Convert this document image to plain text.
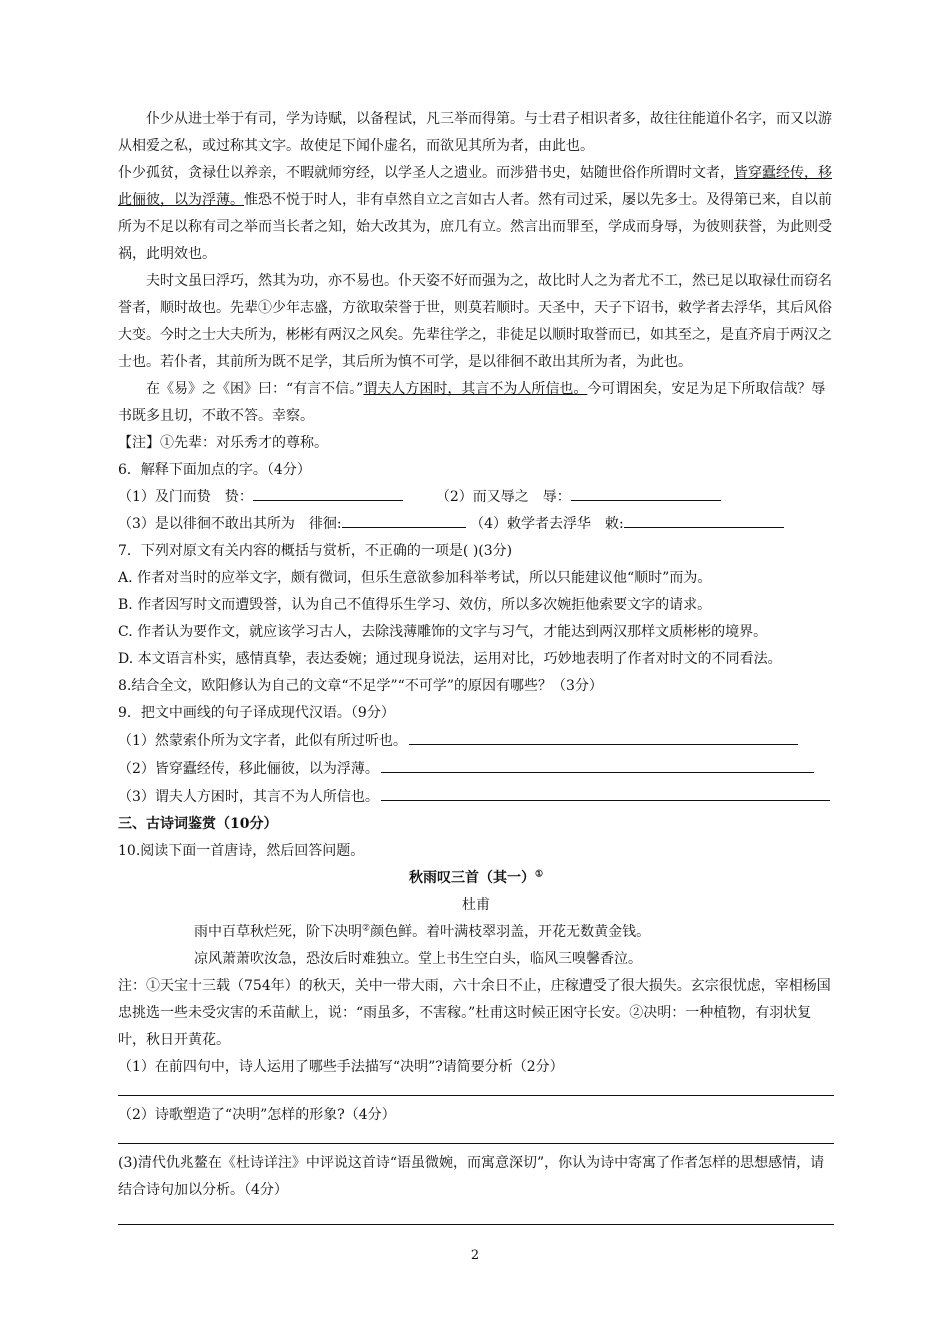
仆少从进士举于有司，学为诗赋，以备程试，凡三举而得第。与士君子相识者多，故往往能道仆名字，而又以游从相爱之私，或过称其文字。故使足下闻仆虚名，而欲见其所为者，由此也。

仆少孤贫，贪禄仕以养亲，不暇就师穷经，以学圣人之遗业。而涉猎书史，姑随世俗作所谓时文者，皆穿蠹经传，移此俪彼，以为浮薄。惟恐不悦于时人，非有卓然自立之言如古人者。然有司过采，屡以先多士。及得第已来，自以前所为不足以称有司之举而当长者之知，始大改其为，庶几有立。然言出而罪至，学成而身辱，为彼则获誉，为此则受祸，此明效也。

夫时文虽曰浮巧，然其为功，亦不易也。仆天姿不好而强为之，故比时人之为者尤不工，然已足以取禄仕而窃名誉者，顺时故也。先辈①少年志盛，方欲取荣誉于世，则莫若顺时。天圣中，天子下诏书，敕学者去浮华，其后风俗大变。今时之士大夫所为，彬彬有两汉之风矣。先辈往学之，非徒足以顺时取誉而已，如其至之，是直齐肩于两汉之士也。若仆者，其前所为既不足学，其后所为慎不可学，是以徘徊不敢出其所为者，为此也。

在《易》之《困》曰：“有言不信。”谓夫人方困时，其言不为人所信也。今可谓困矣，安足为足下所取信哉？辱书既多且切，不敢不答。幸察。

【注】①先辈：对乐秀才的尊称。

6．解释下面加点的字。（4分）

（1）及门而贽　贽：	（2）而又辱之　辱：

（3）是以徘徊不敢出其所为　徘徊:	（4）敕学者去浮华　敕:

7．下列对原文有关内容的概括与赏析，不正确的一项是( )(3分)

A. 作者对当时的应举文字，颇有微词，但乐生意欲参加科举考试，所以只能建议他“顺时”而为。

B. 作者因写时文而遭毁誉，认为自己不值得乐生学习、效仿，所以多次婉拒他索要文字的请求。

C. 作者认为要作文，就应该学习古人，去除浅薄雕饰的文字与习气，才能达到两汉那样文质彬彬的境界。

D. 本文语言朴实，感情真挚，表达委婉；通过现身说法，运用对比，巧妙地表明了作者对时文的不同看法。

8.结合全文，欧阳修认为自己的文章“不足学”“不可学”的原因有哪些？（3分）

9．把文中画线的句子译成现代汉语。（9分）

（1）然蒙索仆所为文字者，此似有所过听也。
（2）皆穿蠹经传，移此俪彼，以为浮薄。
（3）谓夫人方困时，其言不为人所信也。

三、古诗词鉴赏（10分）

10.阅读下面一首唐诗，然后回答问题。

秋雨叹三首（其一）①

杜甫

雨中百草秋烂死，阶下决明②颜色鲜。着叶满枝翠羽盖，开花无数黄金钱。

凉风萧萧吹汝急，恐汝后时难独立。堂上书生空白头，临风三嗅馨香泣。

注：①天宝十三载（754年）的秋天，关中一带大雨，六十余日不止，庄稼遭受了很大损失。玄宗很忧虑，宰相杨国忠挑选一些未受灾害的禾苗献上，说：“雨虽多，不害稼。”杜甫这时候正困守长安。②决明：一种植物，有羽状复叶，秋日开黄花。

（1）在前四句中，诗人运用了哪些手法描写“决明”?请简要分析（2分）

（2）诗歌塑造了“决明”怎样的形象?（4分）

(3)清代仇兆鳌在《杜诗详注》中评说这首诗“语虽微婉，而寓意深切”，你认为诗中寄寓了作者怎样的思想感情，请结合诗句加以分析。（4分）

2
